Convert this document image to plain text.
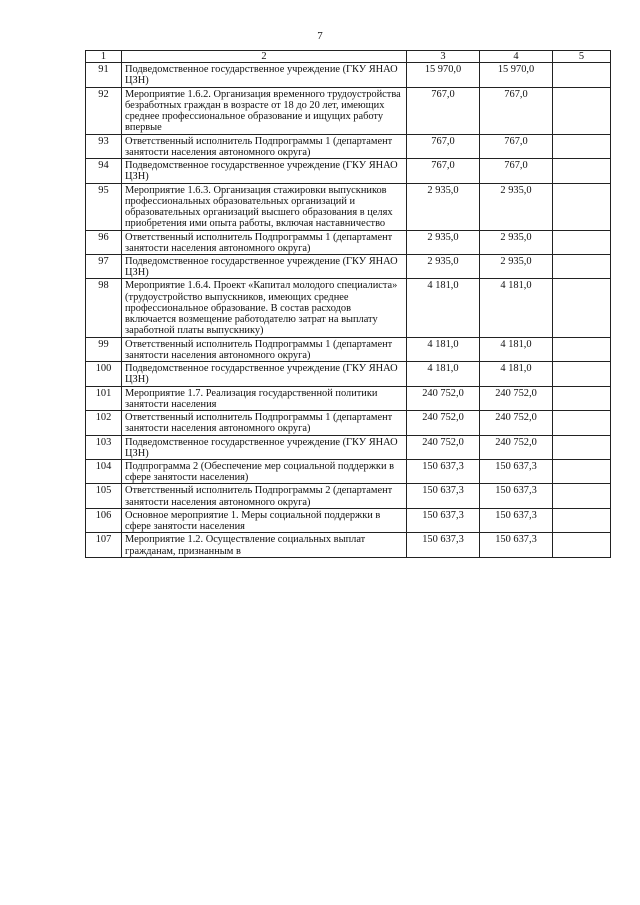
7
1	2	3	4	5
91	Подведомственное государственное учреждение (ГКУ ЯНАО ЦЗН)	15 970,0	15 970,0	
92	Мероприятие 1.6.2. Организация временного трудоустройства безработных граждан в возрасте от 18 до 20 лет, имеющих среднее профессиональное образование и ищущих работу впервые	767,0	767,0	
93	Ответственный исполнитель Подпрограммы 1 (департамент занятости населения автономного округа)	767,0	767,0	
94	Подведомственное государственное учреждение (ГКУ ЯНАО ЦЗН)	767,0	767,0	
95	Мероприятие 1.6.3. Организация стажировки выпускников профессиональных образовательных организаций и образовательных организаций высшего образования в целях приобретения ими опыта работы, включая наставничество	2 935,0	2 935,0	
96	Ответственный исполнитель Подпрограммы 1 (департамент занятости населения автономного округа)	2 935,0	2 935,0	
97	Подведомственное государственное учреждение (ГКУ ЯНАО ЦЗН)	2 935,0	2 935,0	
98	Мероприятие 1.6.4. Проект «Капитал молодого специалиста» (трудоустройство выпускников, имеющих среднее профессиональное образование. В состав расходов включается возмещение работодателю затрат на выплату заработной платы выпускнику)	4 181,0	4 181,0	
99	Ответственный исполнитель Подпрограммы 1 (департамент занятости населения автономного округа)	4 181,0	4 181,0	
100	Подведомственное государственное учреждение (ГКУ ЯНАО ЦЗН)	4 181,0	4 181,0	
101	Мероприятие 1.7. Реализация государственной политики занятости населения	240 752,0	240 752,0	
102	Ответственный исполнитель Подпрограммы 1 (департамент занятости населения автономного округа)	240 752,0	240 752,0	
103	Подведомственное государственное учреждение (ГКУ ЯНАО ЦЗН)	240 752,0	240 752,0	
104	Подпрограмма 2 (Обеспечение мер социальной поддержки в сфере занятости населения)	150 637,3	150 637,3	
105	Ответственный исполнитель Подпрограммы 2 (департамент занятости населения автономного округа)	150 637,3	150 637,3	
106	Основное мероприятие 1. Меры социальной поддержки в сфере занятости населения	150 637,3	150 637,3	
107	Мероприятие 1.2. Осуществление социальных выплат гражданам, признанным в	150 637,3	150 637,3	
